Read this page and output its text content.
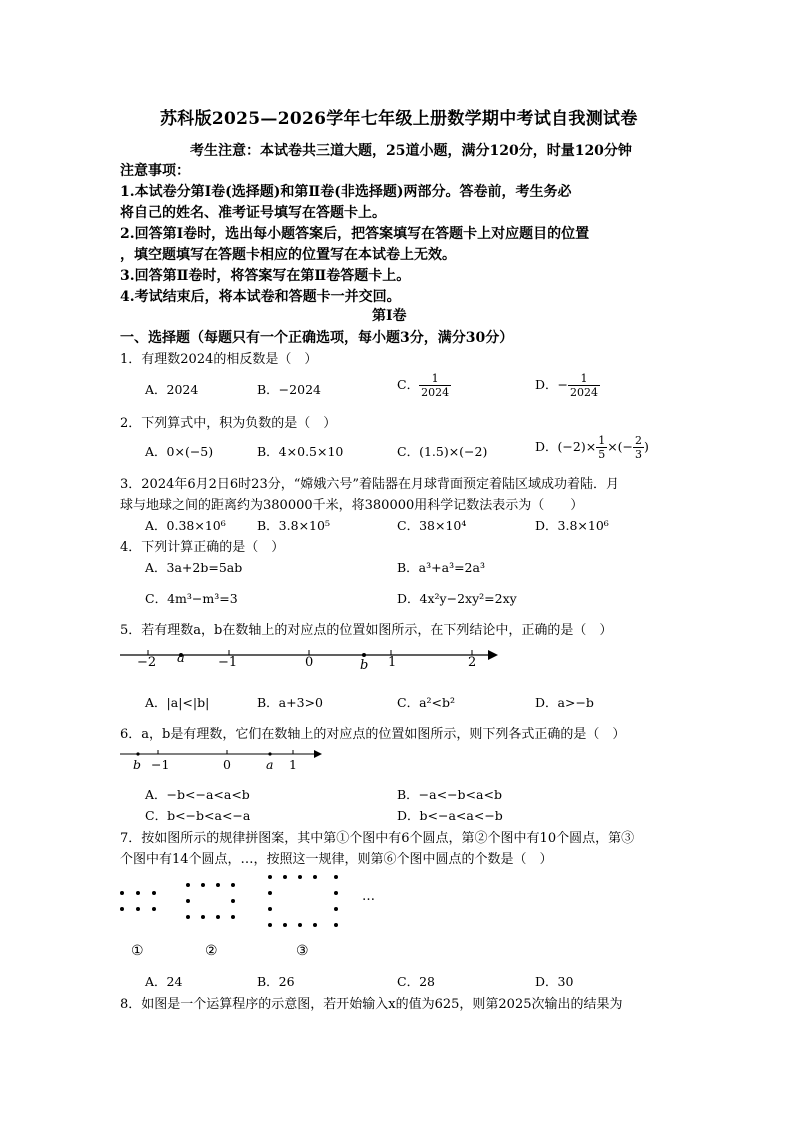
苏科版2025—2026学年七年级上册数学期中考试自我测试卷
考生注意：本试卷共三道大题，25道小题，满分120分，时量120分钟
注意事项：
1.本试卷分第Ⅰ卷(选择题)和第Ⅱ卷(非选择题)两部分。答卷前，考生务必
将自己的姓名、准考证号填写在答题卡上。
2.回答第Ⅰ卷时，选出每小题答案后，把答案填写在答题卡上对应题目的位置
，填空题填写在答题卡相应的位置写在本试卷上无效。
3.回答第Ⅱ卷时，将答案写在第Ⅱ卷答题卡上。
4.考试结束后，将本试卷和答题卡一并交回。
第Ⅰ卷
一、选择题（每题只有一个正确选项，每小题3分，满分30分）
1．有理数2024的相反数是（　）
A．2024	B．−2024	C． $\frac{1}{2024}$	D．− $\frac{1}{2024}$
2．下列算式中，积为负数的是（　）
A．0×(−5)	B．4×0.5×10	C．(1.5)×(−2)	D．$(-2)\times \frac{1}{5}$ ×(− $\frac{2}{3}$ )
3．2024年6月2日6时23分，“嫦娥六号”着陆器在月球背面预定着陆区域成功着陆．月
球与地球之间的距离约为380000千米，将380000用科学记数法表示为（　　）
A．0.38×10⁶	B．3.8×10⁵	C．38×10⁴	D．3.8×10⁶
4．下列计算正确的是（　）
A．3a+2b=5ab	B．a³+a³=2a³
C．4m³−m³=3	D．4x²y−2xy²=2xy
5．若有理数a，b在数轴上的对应点的位置如图所示，在下列结论中，正确的是（　）
−2 a	−1	0	b 1	2
A．|a|<|b|	B．a+3>0	C．a²<b²	D．a>−b
6．a，b是有理数，它们在数轴上的对应点的位置如图所示，则下列各式正确的是（　）
b −1	0	a 1
A．−b<−a<a<b	B．−a<−b<a<b
C．b<−b<a<−a	D．b<−a<a<−b
7．按如图所示的规律拼图案，其中第①个图中有6个圆点，第②个图中有10个圆点，第③
个图中有14个圆点，…，按照这一规律，则第⑥个图中圆点的个数是（　）
…
①	②	③
A．24	B．26	C．28	D．30
8．如图是一个运算程序的示意图，若开始输入x的值为625，则第2025次输出的结果为
